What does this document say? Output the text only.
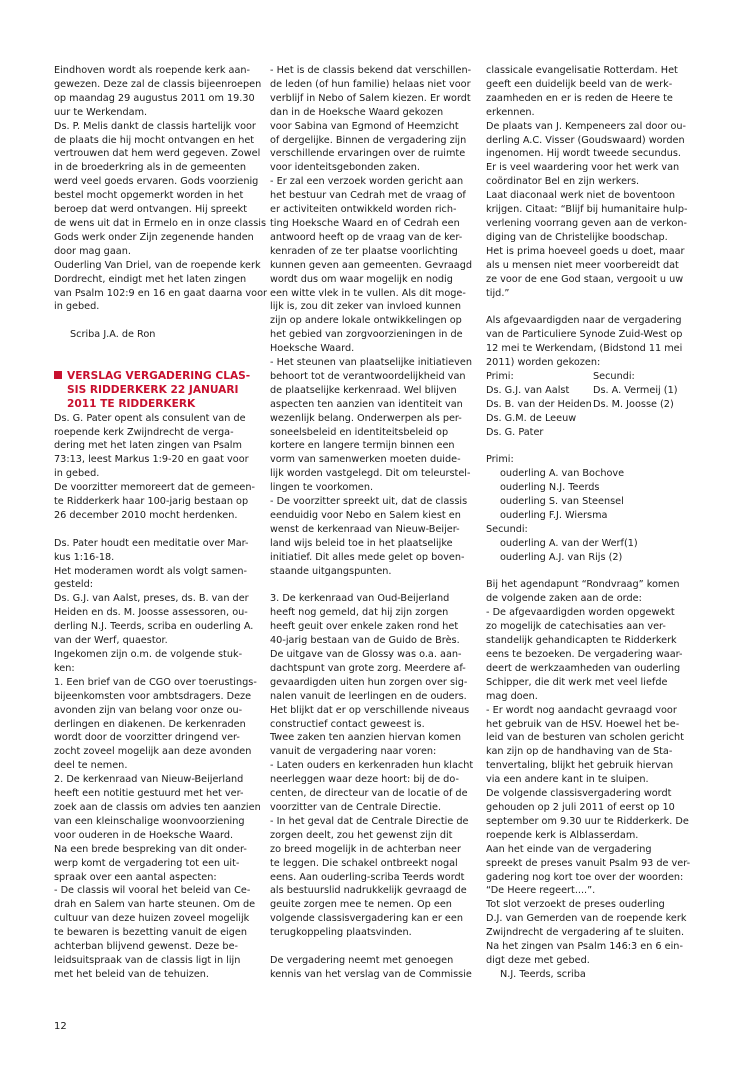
Eindhoven wordt als roepende kerk aan-
gewezen. Deze zal de classis bijeenroepen
op maandag 29 augustus 2011 om 19.30
uur te Werkendam.

Ds. P. Melis dankt de classis hartelijk voor
de plaats die hij mocht ontvangen en het
vertrouwen dat hem werd gegeven. Zowel
in de broederkring als in de gemeenten
werd veel goeds ervaren. Gods voorzienig
bestel mocht opgemerkt worden in het
beroep dat werd ontvangen. Hij spreekt
de wens uit dat in Ermelo en in onze classis
Gods werk onder Zijn zegenende handen
door mag gaan.

Ouderling Van Driel, van de roepende kerk
Dordrecht, eindigt met het laten zingen
van Psalm 102:9 en 16 en gaat daarna voor
in gebed.

Scriba J.A. de Ron

VERSLAG VERGADERING CLAS-
SIS RIDDERKERK 22 JANUARI
2011 TE RIDDERKERK

Ds. G. Pater opent als consulent van de
roepende kerk Zwijndrecht de verga-
dering met het laten zingen van Psalm
73:13, leest Markus 1:9-20 en gaat voor
in gebed.

De voorzitter memoreert dat de gemeen-
te Ridderkerk haar 100-jarig bestaan op
26 december 2010 mocht herdenken.

Ds. Pater houdt een meditatie over Mar-
kus 1:16-18.

Het moderamen wordt als volgt samen-
gesteld:

Ds. G.J. van Aalst, preses, ds. B. van der
Heiden en ds. M. Joosse assessoren, ou-
derling N.J. Teerds, scriba en ouderling A.
van der Werf, quaestor.

Ingekomen zijn o.m. de volgende stuk-
ken:

1. Een brief van de CGO over toerustings-
bijeenkomsten voor ambtsdragers. Deze
avonden zijn van belang voor onze ou-
derlingen en diakenen. De kerkenraden
wordt door de voorzitter dringend ver-
zocht zoveel mogelijk aan deze avonden
deel te nemen.

2. De kerkenraad van Nieuw-Beijerland
heeft een notitie gestuurd met het ver-
zoek aan de classis om advies ten aanzien
van een kleinschalige woonvoorziening
voor ouderen in de Hoeksche Waard.

Na een brede bespreking van dit onder-
werp komt de vergadering tot een uit-
spraak over een aantal aspecten:

- De classis wil vooral het beleid van Ce-
drah en Salem van harte steunen. Om de
cultuur van deze huizen zoveel mogelijk
te bewaren is bezetting vanuit de eigen
achterban blijvend gewenst. Deze be-
leidsuitspraak van de classis ligt in lijn
met het beleid van de tehuizen.

- Het is de classis bekend dat verschillen-
de leden (of hun familie) helaas niet voor
verblijf in Nebo of Salem kiezen. Er wordt
dan in de Hoeksche Waard gekozen
voor Sabina van Egmond of Heemzicht
of dergelijke. Binnen de vergadering zijn
verschillende ervaringen over de ruimte
voor identeitsgebonden zaken.

- Er zal een verzoek worden gericht aan
het bestuur van Cedrah met de vraag of
er activiteiten ontwikkeld worden rich-
ting Hoeksche Waard en of Cedrah een
antwoord heeft op de vraag van de ker-
kenraden of ze ter plaatse voorlichting
kunnen geven aan gemeenten. Gevraagd
wordt dus om waar mogelijk en nodig
een witte vlek in te vullen. Als dit moge-
lijk is, zou dit zeker van invloed kunnen
zijn op andere lokale ontwikkelingen op
het gebied van zorgvoorzieningen in de
Hoeksche Waard.

- Het steunen van plaatselijke initiatieven
behoort tot de verantwoordelijkheid van
de plaatselijke kerkenraad. Wel blijven
aspecten ten aanzien van identiteit van
wezenlijk belang. Onderwerpen als per-
soneelsbeleid en identiteitsbeleid op
kortere en langere termijn binnen een
vorm van samenwerken moeten duide-
lijk worden vastgelegd. Dit om teleurstel-
lingen te voorkomen.

- De voorzitter spreekt uit, dat de classis
eenduidig voor Nebo en Salem kiest en
wenst de kerkenraad van Nieuw-Beijer-
land wijs beleid toe in het plaatselijke
initiatief. Dit alles mede gelet op boven-
staande uitgangspunten.

3. De kerkenraad van Oud-Beijerland
heeft nog gemeld, dat hij zijn zorgen
heeft geuit over enkele zaken rond het
40-jarig bestaan van de Guido de Brès.
De uitgave van de Glossy was o.a. aan-
dachtspunt van grote zorg. Meerdere af-
gevaardigden uiten hun zorgen over sig-
nalen vanuit de leerlingen en de ouders.
Het blijkt dat er op verschillende niveaus
constructief contact geweest is.

Twee zaken ten aanzien hiervan komen
vanuit de vergadering naar voren:

- Laten ouders en kerkenraden hun klacht
neerleggen waar deze hoort: bij de do-
centen, de directeur van de locatie of de
voorzitter van de Centrale Directie.

- In het geval dat de Centrale Directie de
zorgen deelt, zou het gewenst zijn dit
zo breed mogelijk in de achterban neer
te leggen. Die schakel ontbreekt nogal
eens. Aan ouderling-scriba Teerds wordt
als bestuurslid nadrukkelijk gevraagd de
geuite zorgen mee te nemen. Op een
volgende classisvergadering kan er een
terugkoppeling plaatsvinden.

De vergadering neemt met genoegen
kennis van het verslag van de Commissie

classicale evangelisatie Rotterdam. Het
geeft een duidelijk beeld van de werk-
zaamheden en er is reden de Heere te
erkennen.

De plaats van J. Kempeneers zal door ou-
derling A.C. Visser (Goudswaard) worden
ingenomen. Hij wordt tweede secundus.
Er is veel waardering voor het werk van
coördinator Bel en zijn werkers.

Laat diaconaal werk niet de boventoon
krijgen. Citaat: “Blijf bij humanitaire hulp-
verlening voorrang geven aan de verkon-
diging van de Christelijke boodschap.
Het is prima hoeveel goeds u doet, maar
als u mensen niet meer voorbereidt dat
ze voor de ene God staan, vergooit u uw
tijd.”

Als afgevaardigden naar de vergadering
van de Particuliere Synode Zuid-West op
12 mei te Werkendam, (Bidstond 11 mei
2011) worden gekozen:

Primi:	Secundi:
Ds. G.J. van Aalst	Ds. A. Vermeij (1)
Ds. B. van der Heiden Ds. M. Joosse (2)
Ds. G.M. de Leeuw
Ds. G. Pater

Primi:

ouderling A. van Bochove
ouderling N.J. Teerds
ouderling S. van Steensel
ouderling F.J. Wiersma

Secundi:

ouderling A. van der Werf(1)
ouderling A.J. van Rijs (2)

Bij het agendapunt “Rondvraag” komen
de volgende zaken aan de orde:

- De afgevaardigden worden opgewekt
zo mogelijk de catechisaties aan ver-
standelijk gehandicapten te Ridderkerk
eens te bezoeken. De vergadering waar-
deert de werkzaamheden van ouderling
Schipper, die dit werk met veel liefde
mag doen.

- Er wordt nog aandacht gevraagd voor
het gebruik van de HSV. Hoewel het be-
leid van de besturen van scholen gericht
kan zijn op de handhaving van de Sta-
tenvertaling, blijkt het gebruik hiervan
via een andere kant in te sluipen.

De volgende classisvergadering wordt
gehouden op 2 juli 2011 of eerst op 10
september om 9.30 uur te Ridderkerk. De
roepende kerk is Alblasserdam.

Aan het einde van de vergadering
spreekt de preses vanuit Psalm 93 de ver-
gadering nog kort toe over der woorden:
“De Heere regeert....”.

Tot slot verzoekt de preses ouderling
D.J. van Gemerden van de roepende kerk
Zwijndrecht de vergadering af te sluiten.
Na het zingen van Psalm 146:3 en 6 ein-
digt deze met gebed.

N.J. Teerds, scriba

12
